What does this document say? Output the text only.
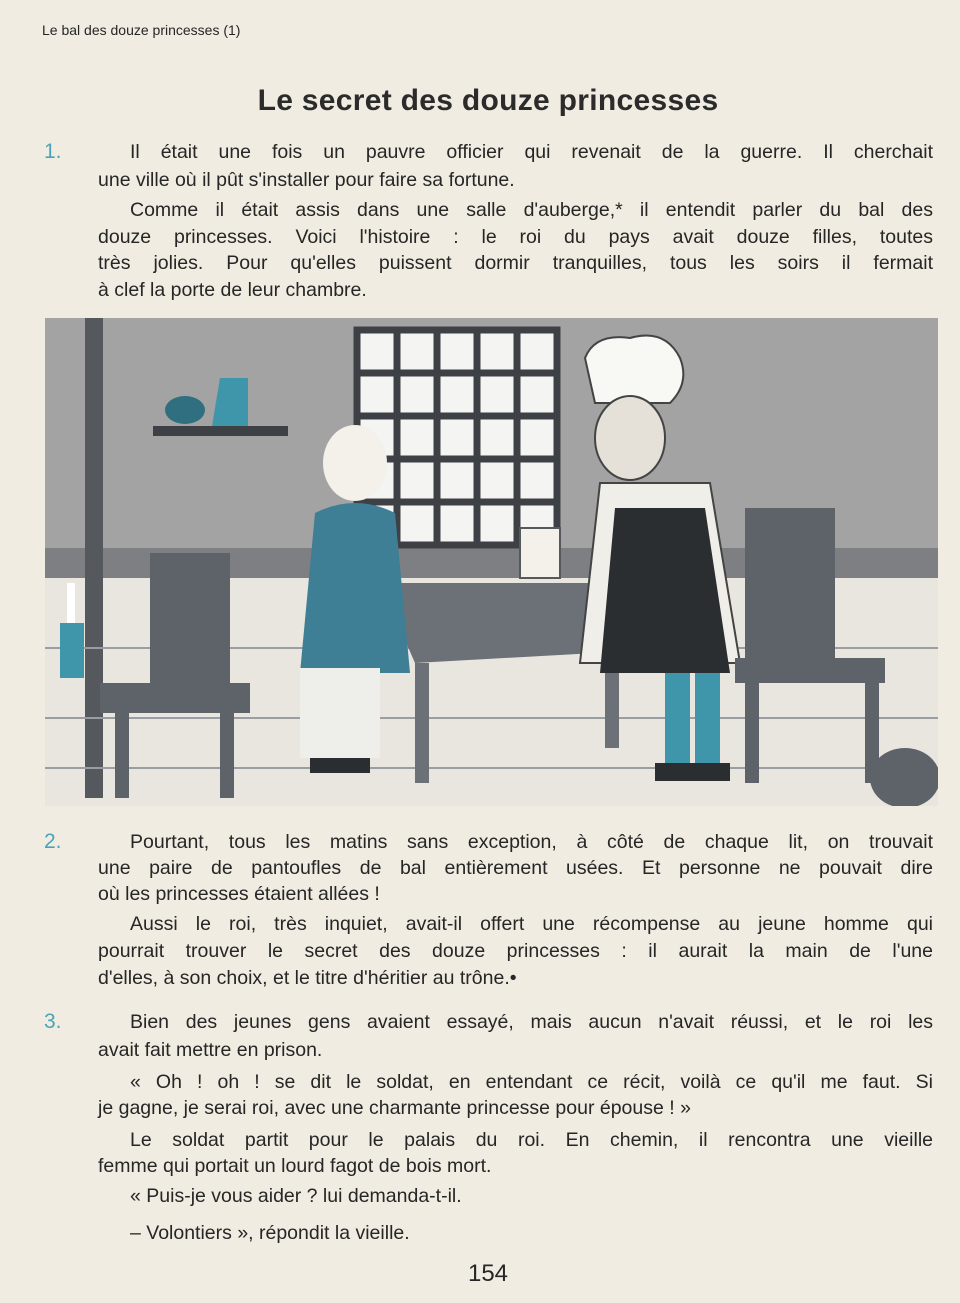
Le bal des douze princesses (1)
Le secret des douze princesses
1.	Il était une fois un pauvre officier qui revenait de la guerre. Il cherchait
une ville où il pût s'installer pour faire sa fortune.
Comme il était assis dans une salle d'auberge,* il entendit parler du bal des
douze princesses. Voici l'histoire : le roi du pays avait douze filles, toutes
très jolies. Pour qu'elles puissent dormir tranquilles, tous les soirs il fermait
à clef la porte de leur chambre.
2.	Pourtant, tous les matins sans exception, à côté de chaque lit, on trouvait
une paire de pantoufles de bal entièrement usées. Et personne ne pouvait dire
où les princesses étaient allées !
Aussi le roi, très inquiet, avait-il offert une récompense au jeune homme qui
pourrait trouver le secret des douze princesses : il aurait la main de l'une
d'elles, à son choix, et le titre d'héritier au trône.•
3.	Bien des jeunes gens avaient essayé, mais aucun n'avait réussi, et le roi les
avait fait mettre en prison.
« Oh ! oh ! se dit le soldat, en entendant ce récit, voilà ce qu'il me faut. Si
je gagne, je serai roi, avec une charmante princesse pour épouse ! »
Le soldat partit pour le palais du roi. En chemin, il rencontra une vieille
femme qui portait un lourd fagot de bois mort.
« Puis-je vous aider ? lui demanda-t-il.
– Volontiers », répondit la vieille.
154
